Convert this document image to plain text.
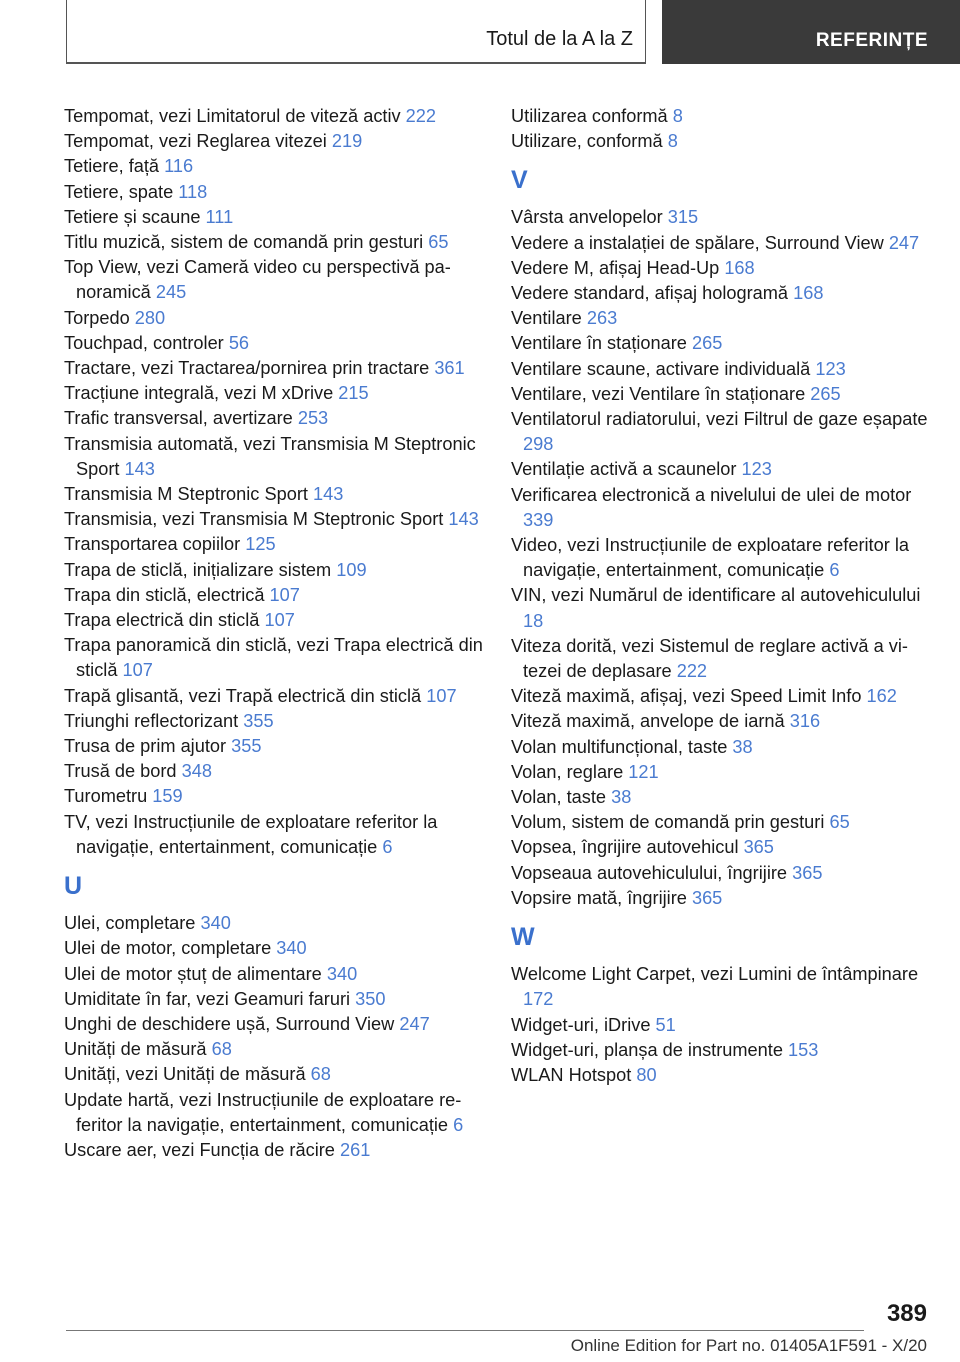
Totul de la A la Z	REFERINȚE
Tempomat, vezi Limitatorul de viteză activ 222
Tempomat, vezi Reglarea vitezei 219
Tetiere, față 116
Tetiere, spate 118
Tetiere și scaune 111
Titlu muzică, sistem de comandă prin gesturi 65
Top View, vezi Cameră video cu perspectivă panoramică 245
Torpedo 280
Touchpad, controler 56
Tractare, vezi Tractarea/pornirea prin tractare 361
Tracțiune integrală, vezi M xDrive 215
Trafic transversal, avertizare 253
Transmisia automată, vezi Transmisia M Steptronic Sport 143
Transmisia M Steptronic Sport 143
Transmisia, vezi Transmisia M Steptronic Sport 143
Transportarea copiilor 125
Trapa de sticlă, inițializare sistem 109
Trapa din sticlă, electrică 107
Trapa electrică din sticlă 107
Trapa panoramică din sticlă, vezi Trapa electrică din sticlă 107
Trapă glisantă, vezi Trapă electrică din sticlă 107
Triunghi reflectorizant 355
Trusa de prim ajutor 355
Trusă de bord 348
Turometru 159
TV, vezi Instrucțiunile de exploatare referitor la navigație, entertainment, comunicație 6
U
Ulei, completare 340
Ulei de motor, completare 340
Ulei de motor ștuț de alimentare 340
Umiditate în far, vezi Geamuri faruri 350
Unghi de deschidere ușă, Surround View 247
Unități de măsură 68
Unități, vezi Unități de măsură 68
Update hartă, vezi Instrucțiunile de exploatare referitor la navigație, entertainment, comunicație 6
Uscare aer, vezi Funcția de răcire 261
Utilizarea conformă 8
Utilizare, conformă 8
V
Vârsta anvelopelor 315
Vedere a instalației de spălare, Surround View 247
Vedere M, afișaj Head-Up 168
Vedere standard, afișaj hologramă 168
Ventilare 263
Ventilare în staționare 265
Ventilare scaune, activare individuală 123
Ventilare, vezi Ventilare în staționare 265
Ventilatorul radiatorului, vezi Filtrul de gaze eșapate 298
Ventilație activă a scaunelor 123
Verificarea electronică a nivelului de ulei de motor 339
Video, vezi Instrucțiunile de exploatare referitor la navigație, entertainment, comunicație 6
VIN, vezi Numărul de identificare al autovehiculului 18
Viteza dorită, vezi Sistemul de reglare activă a vitezei de deplasare 222
Viteză maximă, afișaj, vezi Speed Limit Info 162
Viteză maximă, anvelope de iarnă 316
Volan multifuncțional, taste 38
Volan, reglare 121
Volan, taste 38
Volum, sistem de comandă prin gesturi 65
Vopsea, îngrijire autovehicul 365
Vopseaua autovehiculului, îngrijire 365
Vopsire mată, îngrijire 365
W
Welcome Light Carpet, vezi Lumini de întâmpinare 172
Widget-uri, iDrive 51
Widget-uri, planșa de instrumente 153
WLAN Hotspot 80
389
Online Edition for Part no. 01405A1F591 - X/20
